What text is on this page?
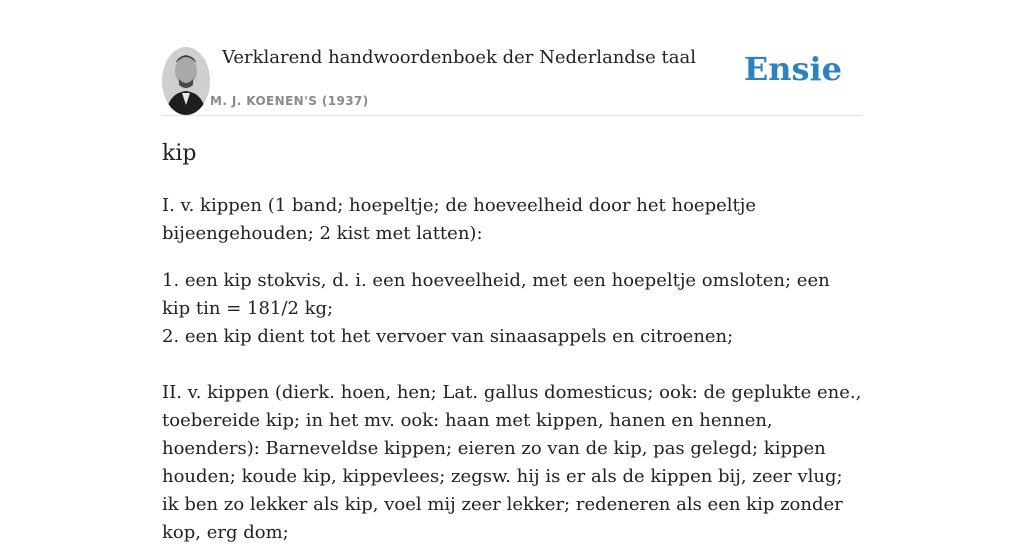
Verklarend handwoordenboek der Nederlandse taal
M. J. KOENEN'S (1937)
Ensie
kip
I. v. kippen (1 band; hoepeltje; de hoeveelheid door het hoepeltje bijeengehouden; 2 kist met latten):
1. een kip stokvis, d. i. een hoeveelheid, met een hoepeltje omsloten; een kip tin = 181/2 kg;
2. een kip dient tot het vervoer van sinaasappels en citroenen;
II. v. kippen (dierk. hoen, hen; Lat. gallus domesticus; ook: de geplukte ene., toebereide kip; in het mv. ook: haan met kippen, hanen en hennen, hoenders): Barneveldse kippen; eieren zo van de kip, pas gelegd; kippen houden; koude kip, kippevlees; zegsw. hij is er als de kippen bij, zeer vlug; ik ben zo lekker als kip, voel mij zeer lekker; redeneren als een kip zonder kop, erg dom;
